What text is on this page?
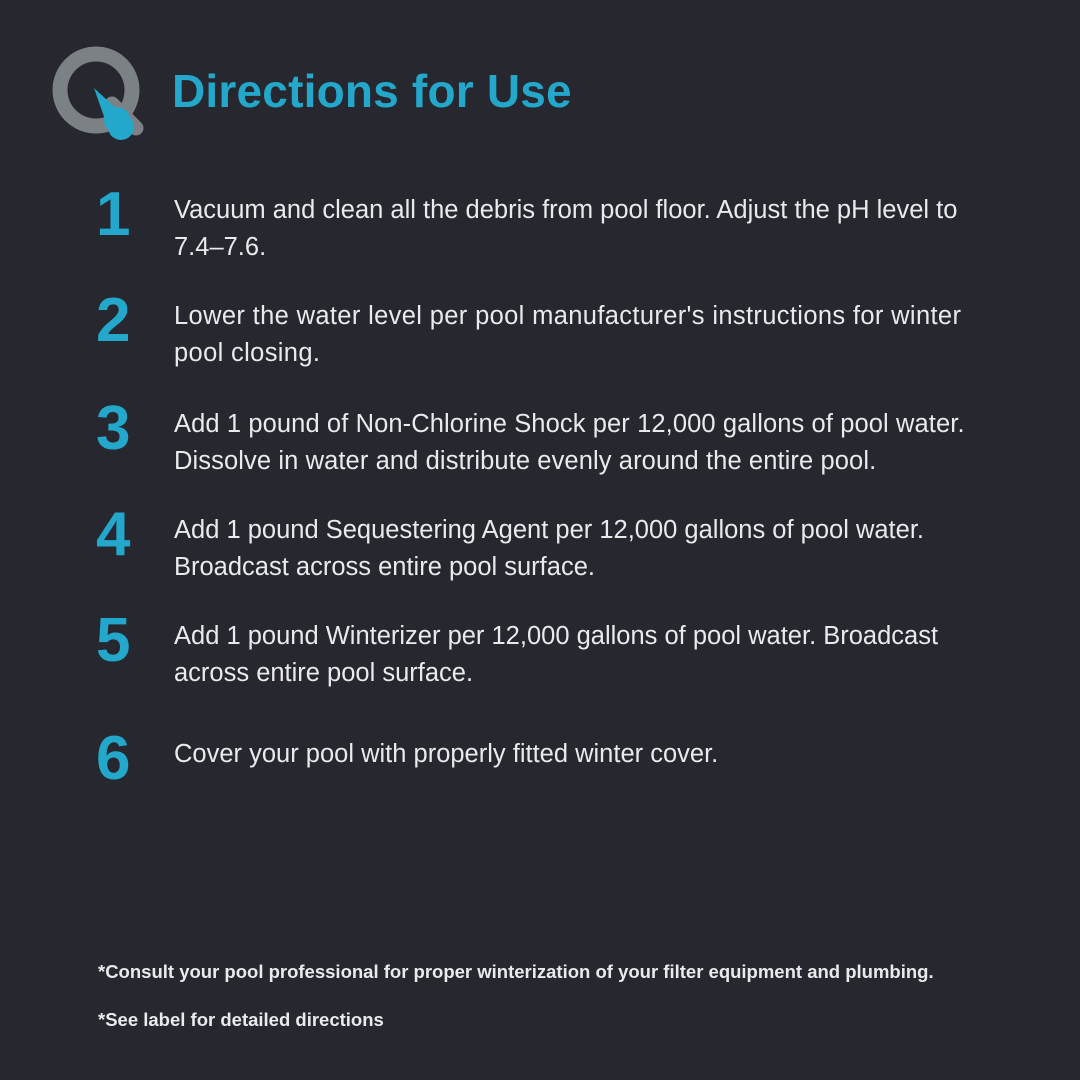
Directions for Use
1	Vacuum and clean all the debris from pool floor. Adjust the pH level to 7.4–7.6.
2	Lower the water level per pool manufacturer's instructions for winter pool closing.
3	Add 1 pound of Non-Chlorine Shock per 12,000 gallons of pool water. Dissolve in water and distribute evenly around the entire pool.
4	Add 1 pound Sequestering Agent per 12,000 gallons of pool water. Broadcast across entire pool surface.
5	Add 1 pound Winterizer per 12,000 gallons of pool water. Broadcast across entire pool surface.
6	Cover your pool with properly fitted winter cover.
*Consult your pool professional for proper winterization of your filter equipment and plumbing.
*See label for detailed directions
